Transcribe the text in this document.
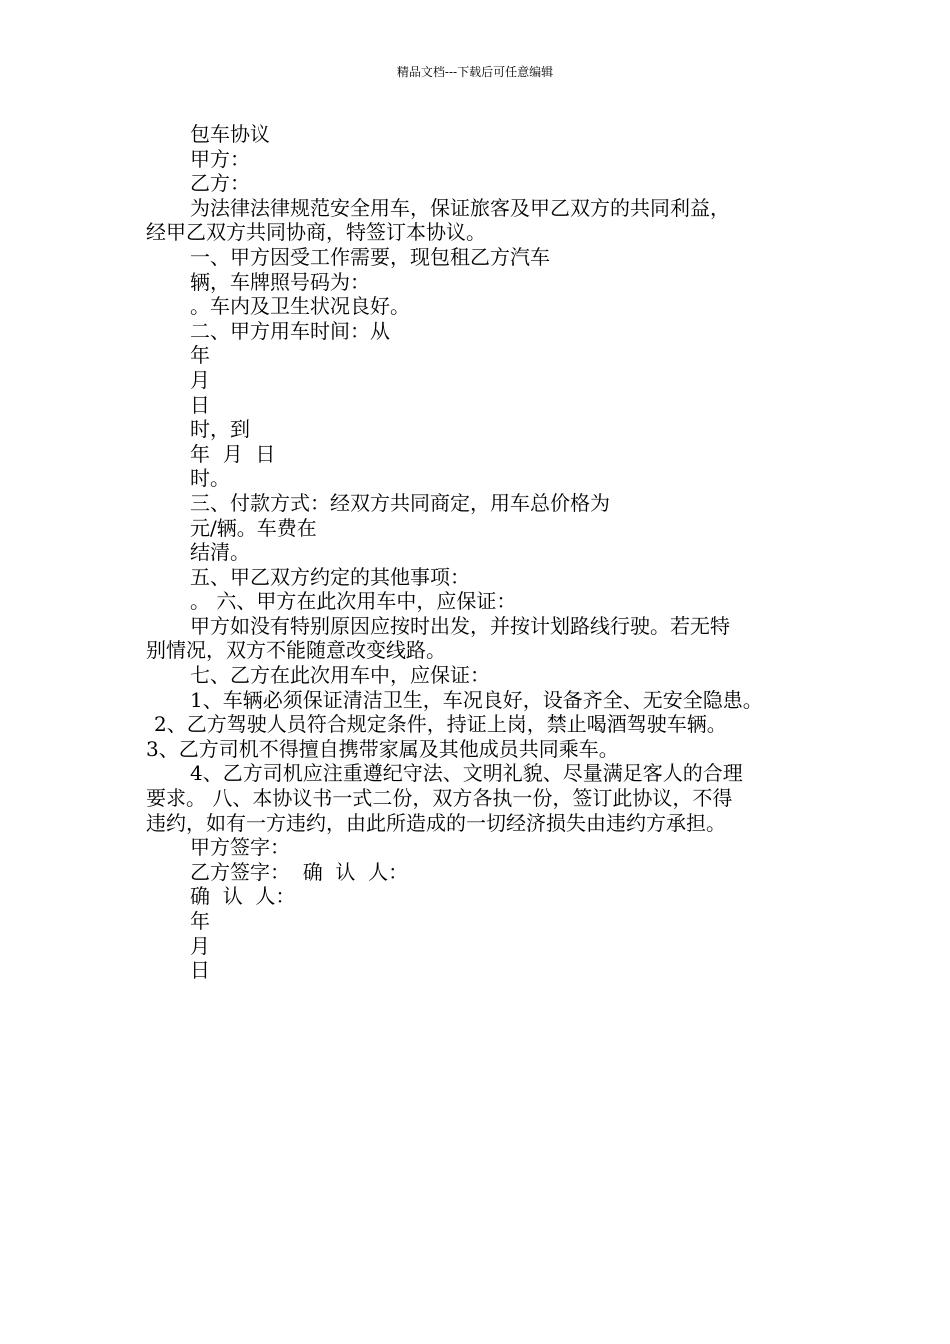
精品文档---下载后可任意编辑

包车协议

甲方：

乙方：

为法律法律规范安全用车，保证旅客及甲乙双方的共同利益，

经甲乙双方共同协商，特签订本协议。

一、甲方因受工作需要，现包租乙方汽车

辆，车牌照号码为：

。车内及卫生状况良好。

二、甲方用车时间：从

年

月

日

时，到

年  月  日

时。

三、付款方式：经双方共同商定，用车总价格为

元/辆。车费在

结清。

五、甲乙双方约定的其他事项：

。 六、甲方在此次用车中，应保证：

甲方如没有特别原因应按时出发，并按计划路线行驶。若无特

别情况，双方不能随意改变线路。

七、乙方在此次用车中，应保证：

1、车辆必须保证清洁卫生，车况良好，设备齐全、无安全隐患。

2、乙方驾驶人员符合规定条件，持证上岗，禁止喝酒驾驶车辆。

3、乙方司机不得擅自携带家属及其他成员共同乘车。

4、乙方司机应注重遵纪守法、文明礼貌、尽量满足客人的合理

要求。 八、本协议书一式二份，双方各执一份，签订此协议，不得

违约，如有一方违约，由此所造成的一切经济损失由违约方承担。

甲方签字：

乙方签字：  确  认  人：

确  认  人：

年

月

日
